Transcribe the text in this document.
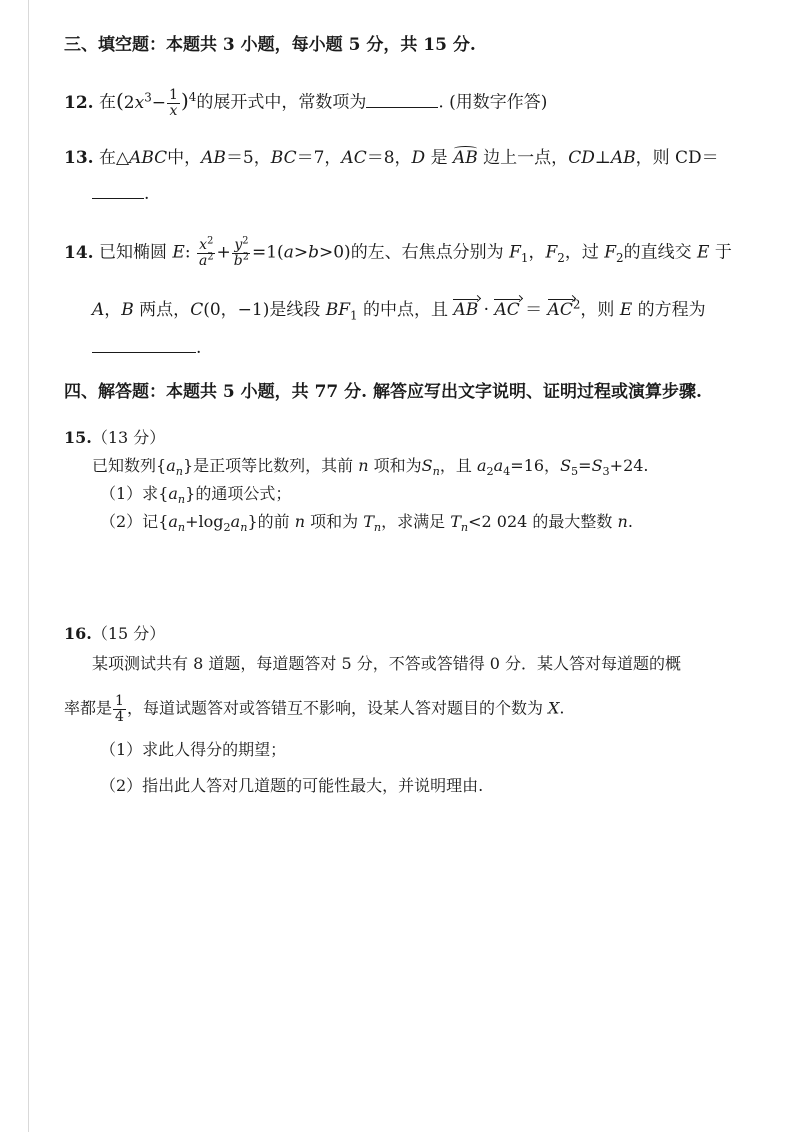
三、填空题：本题共 3 小题，每小题 5 分，共 15 分.
12. 在$(2x^3- \frac{1}{x} )^4$的展开式中，常数项为	. (用数字作答)
13. 在△ABC中，AB＝5，BC＝7，AC＝8，D 是 AB 边上一点，CD⊥AB，则 CD＝
.
14. 已知椭圆 E: $\frac{x^2}{a^2} + \frac{y^2}{b^2} =1(a>b>0)$的左、右焦点分别为 $F_1$，$F_2$，过 $F_2$的直线交 E 于
A，B 两点，C(0，−1)是线段 $BF_1$ 的中点，且 AB · AC ＝ $AC^2$，则 E 的方程为
.
四、解答题：本题共 5 小题，共 77 分. 解答应写出文字说明、证明过程或演算步骤.
15.（13 分）
已知数列$\{a_n\}$是正项等比数列，其前 n 项和为$S_n$，且 $a_2a_4=16$，$S_5=S_3+24$.
（1）求$\{a_n\}$的通项公式；
（2）记$\{a_n+\log_2a_n\}$的前 n 项和为 $T_n$，求满足 $T_n<2$ 024 的最大整数 n.
16.（15 分）
某项测试共有 8 道题，每道题答对 5 分，不答或答错得 0 分．某人答对每道题的概
率都是 $\frac{1}{4}$ ，每道试题答对或答错互不影响，设某人答对题目的个数为 X.
（1）求此人得分的期望；
（2）指出此人答对几道题的可能性最大，并说明理由.
